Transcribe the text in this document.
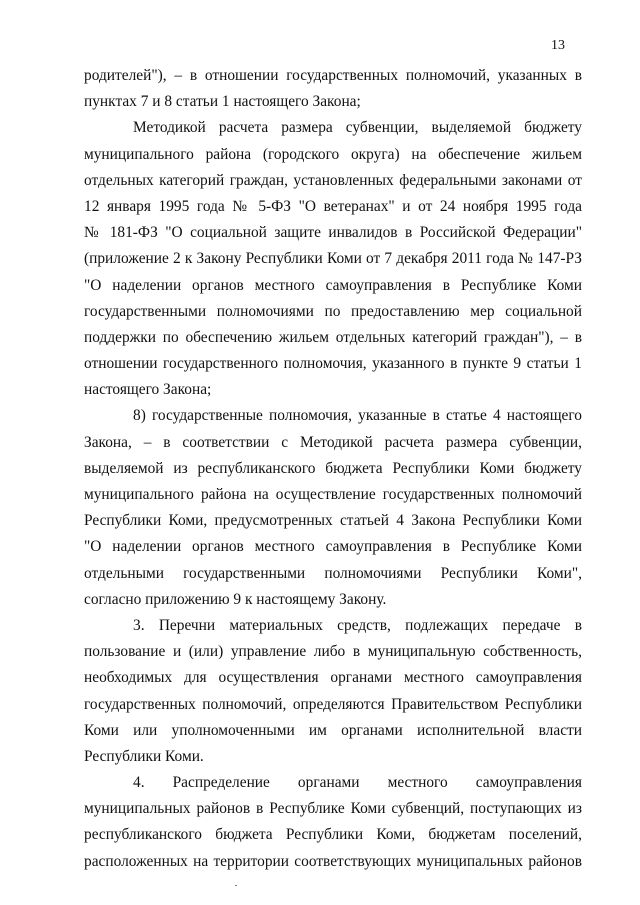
13
родителей"), – в отношении государственных полномочий, указанных в
пунктах 7 и 8 статьи 1 настоящего Закона;
Методикой расчета размера субвенции, выделяемой бюджету
муниципального района (городского округа) на обеспечение жильем
отдельных категорий граждан, установленных федеральными законами от
12 января 1995 года № 5-ФЗ "О ветеранах" и от 24 ноября 1995 года
№ 181-ФЗ "О социальной защите инвалидов в Российской Федерации"
(приложение 2 к Закону Республики Коми от 7 декабря 2011 года № 147-РЗ
"О наделении органов местного самоуправления в Республике Коми
государственными полномочиями по предоставлению мер социальной
поддержки по обеспечению жильем отдельных категорий граждан"), – в
отношении государственного полномочия, указанного в пункте 9 статьи 1
настоящего Закона;
8) государственные полномочия, указанные в статье 4 настоящего
Закона, – в соответствии с Методикой расчета размера субвенции,
выделяемой из республиканского бюджета Республики Коми бюджету
муниципального района на осуществление государственных полномочий
Республики Коми, предусмотренных статьей 4 Закона Республики Коми
"О наделении органов местного самоуправления в Республике Коми
отдельными государственными полномочиями Республики Коми",
согласно приложению 9 к настоящему Закону.
3. Перечни материальных средств, подлежащих передаче в
пользование и (или) управление либо в муниципальную собственность,
необходимых для осуществления органами местного самоуправления
государственных полномочий, определяются Правительством Республики
Коми или уполномоченными им органами исполнительной власти
Республики Коми.
4. Распределение органами местного самоуправления
муниципальных районов в Республике Коми субвенций, поступающих из
республиканского бюджета Республики Коми, бюджетам поселений,
расположенных на территории соответствующих муниципальных районов
